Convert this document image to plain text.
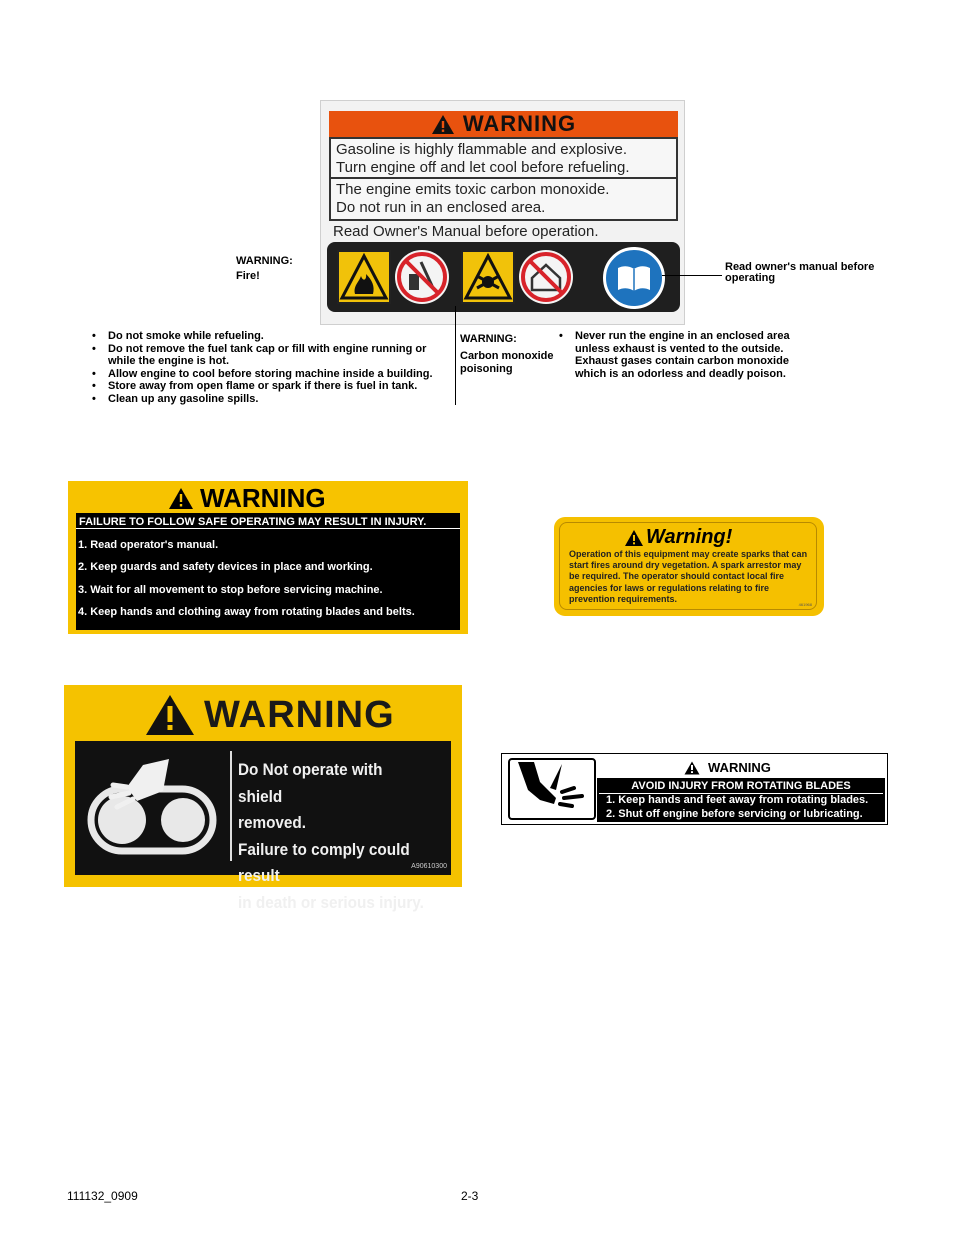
WARNING
Gasoline is highly flammable and explosive.
Turn engine off and let cool before refueling.
The engine emits toxic carbon monoxide.
Do not run in an enclosed area.
Read Owner's Manual before operation.
WARNING:
Fire!
• Do not smoke while refueling.
• Do not remove the fuel tank cap or fill with engine running or while the engine is hot.
• Allow engine to cool before storing machine inside a building.
• Store away from open flame or spark if there is fuel in tank.
• Clean up any gasoline spills.
WARNING:
Carbon monoxide poisoning
• Never run the engine in an enclosed area unless exhaust is vented to the outside. Exhaust gases contain carbon monoxide which is an odorless and deadly poison.
Read owner's manual before operating
WARNING
FAILURE TO FOLLOW SAFE OPERATING MAY RESULT IN INJURY.
1. Read operator's manual.
2. Keep guards and safety devices in place and working.
3. Wait for all movement to stop before servicing machine.
4. Keep hands and clothing away from rotating blades and belts.
Warning!
Operation of this equipment may create sparks that can start fires around dry vegetation. A spark arrestor may be required. The operator should contact local fire agencies for laws or regulations relating to fire prevention requirements.
461968
WARNING
Do Not operate with shield
removed.
Failure to comply could result
in death or serious injury.
A90610300
WARNING
AVOID INJURY FROM ROTATING BLADES
1. Keep hands and feet away from rotating blades.
2. Shut off engine before servicing or lubricating.
111132_0909	2-3
